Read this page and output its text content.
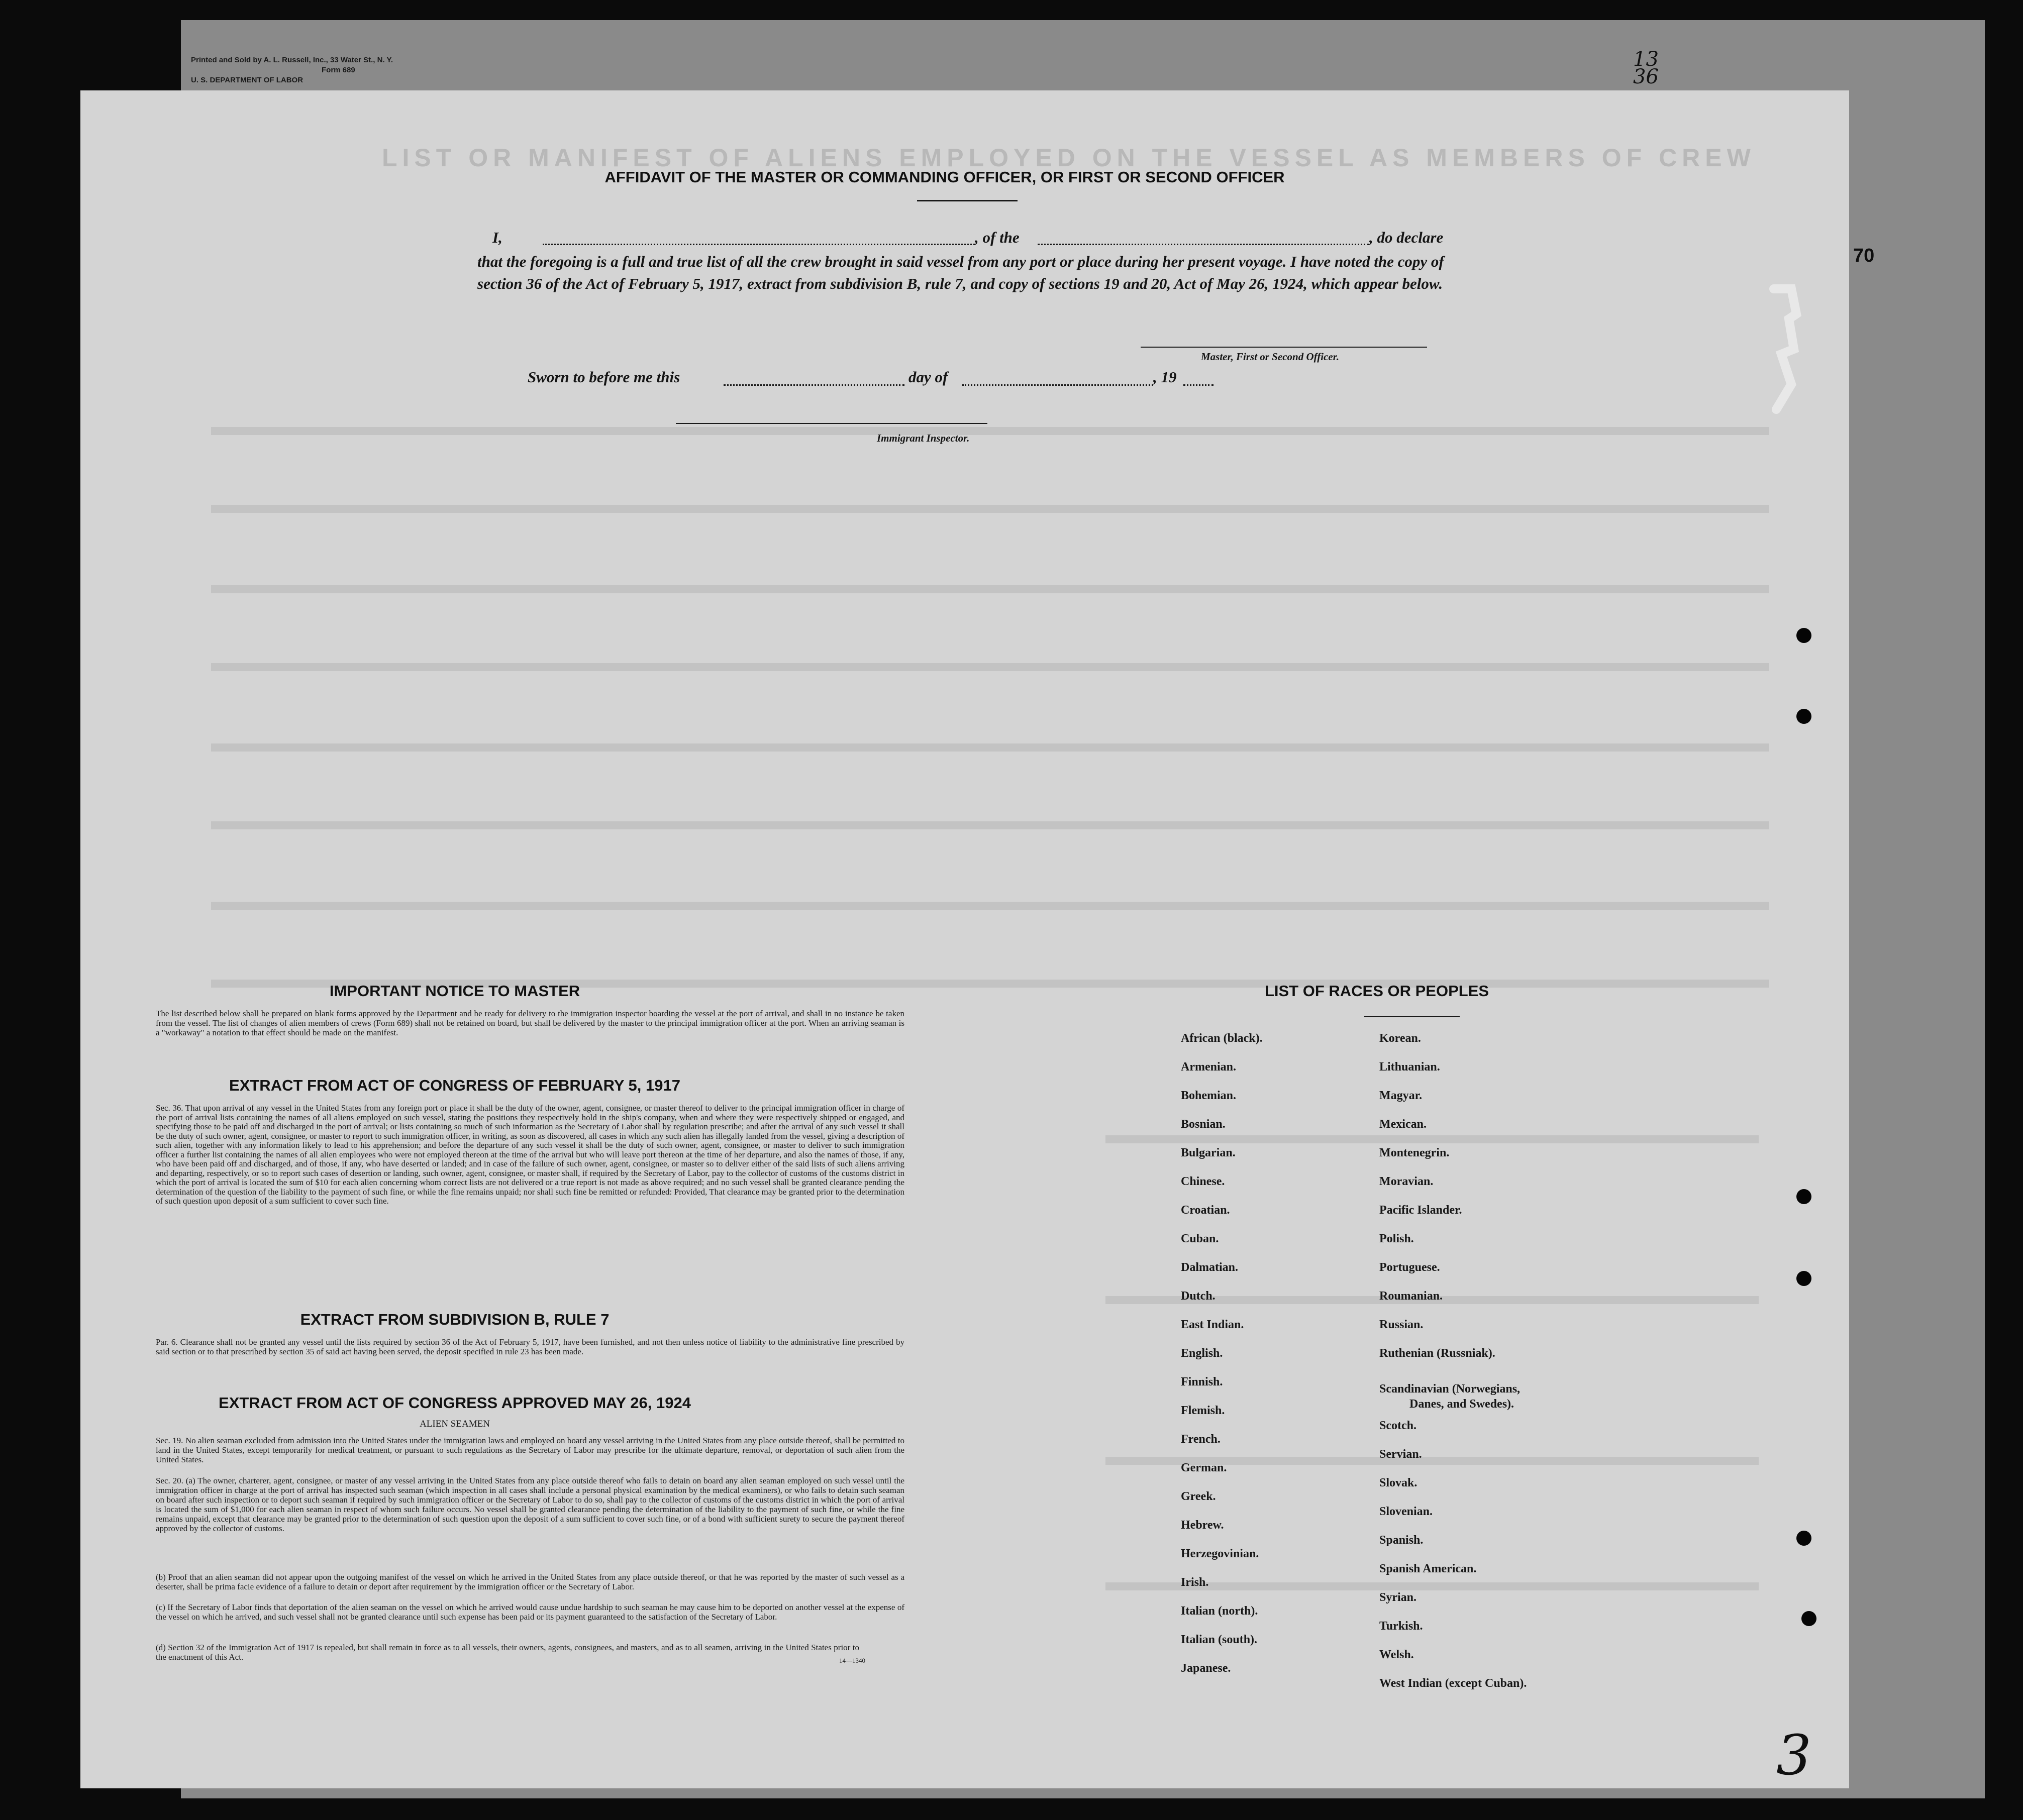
Printed and Sold by A. L. Russell, Inc., 33 Water St., N. Y.
Form 689
U. S. DEPARTMENT OF LABOR
13
36
70
LIST OR MANIFEST OF ALIENS EMPLOYED ON THE VESSEL AS MEMBERS OF CREW
AFFIDAVIT OF THE MASTER OR COMMANDING OFFICER, OR FIRST OR SECOND OFFICER
I,	, of the	, do declare
that the foregoing is a full and true list of all the crew brought in said vessel from any port or place during her present voyage. I have noted the copy of section 36 of the Act of February 5, 1917, extract from subdivision B, rule 7, and copy of sections 19 and 20, Act of May 26, 1924, which appear below.
Master, First or Second Officer.
Sworn to before me this	day of	, 19
Immigrant Inspector.
IMPORTANT NOTICE TO MASTER
The list described below shall be prepared on blank forms approved by the Department and be ready for delivery to the immigration inspector boarding the vessel at the port of arrival, and shall in no instance be taken from the vessel. The list of changes of alien members of crews (Form 689) shall not be retained on board, but shall be delivered by the master to the principal immigration officer at the port. When an arriving seaman is a "workaway" a notation to that effect should be made on the manifest.
EXTRACT FROM ACT OF CONGRESS OF FEBRUARY 5, 1917
Sec. 36. That upon arrival of any vessel in the United States from any foreign port or place it shall be the duty of the owner, agent, consignee, or master thereof to deliver to the principal immigration officer in charge of the port of arrival lists containing the names of all aliens employed on such vessel, stating the positions they respectively hold in the ship's company, when and where they were respectively shipped or engaged, and specifying those to be paid off and discharged in the port of arrival; or lists containing so much of such information as the Secretary of Labor shall by regulation prescribe; and after the arrival of any such vessel it shall be the duty of such owner, agent, consignee, or master to report to such immigration officer, in writing, as soon as discovered, all cases in which any such alien has illegally landed from the vessel, giving a description of such alien, together with any information likely to lead to his apprehension; and before the departure of any such vessel it shall be the duty of such owner, agent, consignee, or master to deliver to such immigration officer a further list containing the names of all alien employees who were not employed thereon at the time of the arrival but who will leave port thereon at the time of her departure, and also the names of those, if any, who have been paid off and discharged, and of those, if any, who have deserted or landed; and in case of the failure of such owner, agent, consignee, or master so to deliver either of the said lists of such aliens arriving and departing, respectively, or so to report such cases of desertion or landing, such owner, agent, consignee, or master shall, if required by the Secretary of Labor, pay to the collector of customs of the customs district in which the port of arrival is located the sum of $10 for each alien concerning whom correct lists are not delivered or a true report is not made as above required; and no such vessel shall be granted clearance pending the determination of the question of the liability to the payment of such fine, or while the fine remains unpaid; nor shall such fine be remitted or refunded: Provided, That clearance may be granted prior to the determination of such question upon deposit of a sum sufficient to cover such fine.
EXTRACT FROM SUBDIVISION B, RULE 7
Par. 6. Clearance shall not be granted any vessel until the lists required by section 36 of the Act of February 5, 1917, have been furnished, and not then unless notice of liability to the administrative fine prescribed by said section or to that prescribed by section 35 of said act having been served, the deposit specified in rule 23 has been made.
EXTRACT FROM ACT OF CONGRESS APPROVED MAY 26, 1924
ALIEN SEAMEN
Sec. 19. No alien seaman excluded from admission into the United States under the immigration laws and employed on board any vessel arriving in the United States from any place outside thereof, shall be permitted to land in the United States, except temporarily for medical treatment, or pursuant to such regulations as the Secretary of Labor may prescribe for the ultimate departure, removal, or deportation of such alien from the United States.
Sec. 20. (a) The owner, charterer, agent, consignee, or master of any vessel arriving in the United States from any place outside thereof who fails to detain on board any alien seaman employed on such vessel until the immigration officer in charge at the port of arrival has inspected such seaman (which inspection in all cases shall include a personal physical examination by the medical examiners), or who fails to detain such seaman on board after such inspection or to deport such seaman if required by such immigration officer or the Secretary of Labor to do so, shall pay to the collector of customs of the customs district in which the port of arrival is located the sum of $1,000 for each alien seaman in respect of whom such failure occurs. No vessel shall be granted clearance pending the determination of the liability to the payment of such fine, or while the fine remains unpaid, except that clearance may be granted prior to the determination of such question upon the deposit of a sum sufficient to cover such fine, or of a bond with sufficient surety to secure the payment thereof approved by the collector of customs.
(b) Proof that an alien seaman did not appear upon the outgoing manifest of the vessel on which he arrived in the United States from any place outside thereof, or that he was reported by the master of such vessel as a deserter, shall be prima facie evidence of a failure to detain or deport after requirement by the immigration officer or the Secretary of Labor.
(c) If the Secretary of Labor finds that deportation of the alien seaman on the vessel on which he arrived would cause undue hardship to such seaman he may cause him to be deported on another vessel at the expense of the vessel on which he arrived, and such vessel shall not be granted clearance until such expense has been paid or its payment guaranteed to the satisfaction of the Secretary of Labor.
(d) Section 32 of the Immigration Act of 1917 is repealed, but shall remain in force as to all vessels, their owners, agents, consignees, and masters, and as to all seamen, arriving in the United States prior to the enactment of this Act.	14—1340
LIST OF RACES OR PEOPLES
African (black).
Armenian.
Bohemian.
Bosnian.
Bulgarian.
Chinese.
Croatian.
Cuban.
Dalmatian.
Dutch.
East Indian.
English.
Finnish.
Flemish.
French.
German.
Greek.
Hebrew.
Herzegovinian.
Irish.
Italian (north).
Italian (south).
Japanese.
Korean.
Lithuanian.
Magyar.
Mexican.
Montenegrin.
Moravian.
Pacific Islander.
Polish.
Portuguese.
Roumanian.
Russian.
Ruthenian (Russniak).
Scandinavian (Norwegians,
Danes, and Swedes).
Scotch.
Servian.
Slovak.
Slovenian.
Spanish.
Spanish American.
Syrian.
Turkish.
Welsh.
West Indian (except Cuban).
3
